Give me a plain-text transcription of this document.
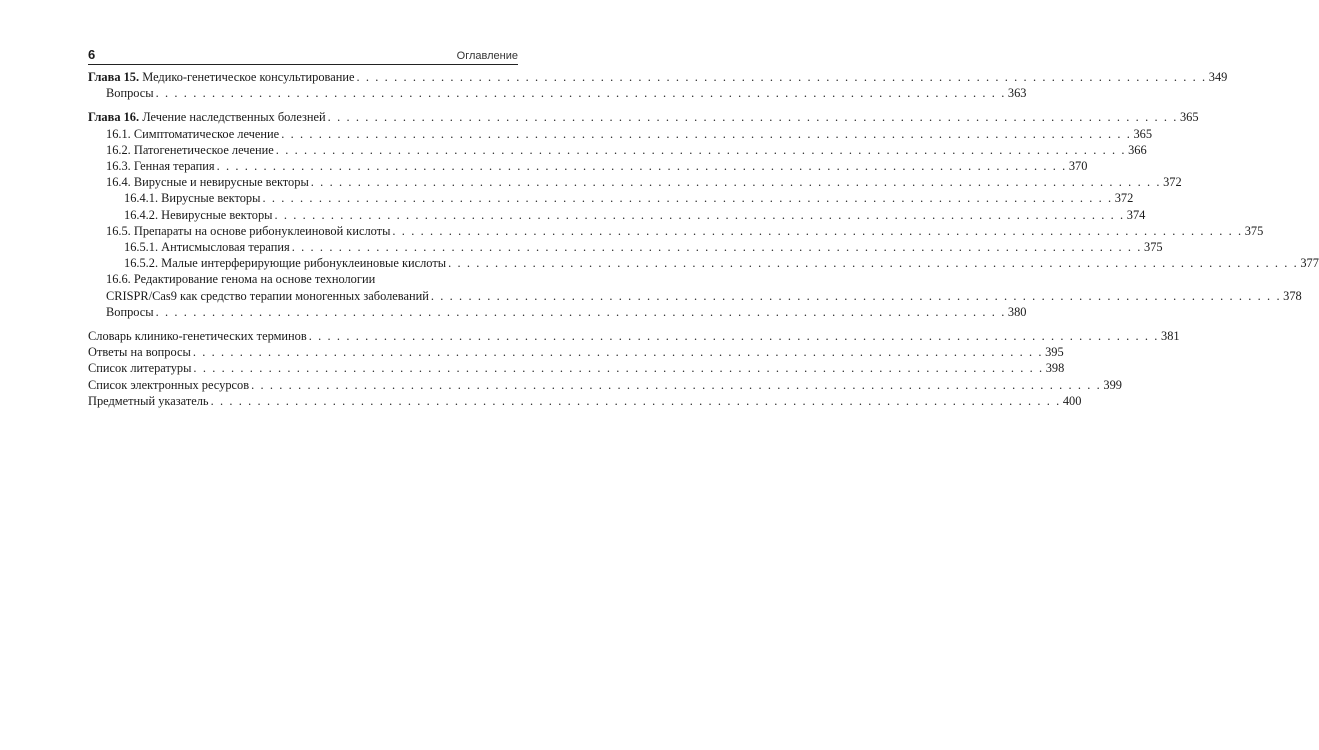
6	Оглавление
Глава 15. Медико-генетическое консультирование . . . . . . . . . . . . . . . . . . . . . . . . . . . . . . . . . . . . . . . . . . . . . . . . . . . . . . . . . . . . . . . . . . . . . . . . . . . . . . . . . . . . . . . . . . . 349
Вопросы . . . . . . . . . . . . . . . . . . . . . . . . . . . . . . . . . . . . . . . . . . . . . . . . . . . . . . . . . . . . . . . . . . . . . . . . . . . . . . . . . . . . . . . . . . . 363
Глава 16. Лечение наследственных болезней . . . . . . . . . . . . . . . . . . . . . . . . . . . . . . . . . . . . . . . . . . . . . . . . . . . . . . . . . . . . . . . . . . . . . . . . . . . . . . . . . . . . . . . . . . . 365
16.1. Симптоматическое лечение . . . . . . . . . . . . . . . . . . . . . . . . . . . . . . . . . . . . . . . . . . . . . . . . . . . . . . . . . . . . . . . . . . . . . . . . . . . . . . . . . . . . . . . . . . . 365
16.2. Патогенетическое лечение . . . . . . . . . . . . . . . . . . . . . . . . . . . . . . . . . . . . . . . . . . . . . . . . . . . . . . . . . . . . . . . . . . . . . . . . . . . . . . . . . . . . . . . . . . . 366
16.3. Генная терапия . . . . . . . . . . . . . . . . . . . . . . . . . . . . . . . . . . . . . . . . . . . . . . . . . . . . . . . . . . . . . . . . . . . . . . . . . . . . . . . . . . . . . . . . . . . 370
16.4. Вирусные и невирусные векторы . . . . . . . . . . . . . . . . . . . . . . . . . . . . . . . . . . . . . . . . . . . . . . . . . . . . . . . . . . . . . . . . . . . . . . . . . . . . . . . . . . . . . . . . . . . 372
16.4.1. Вирусные векторы . . . . . . . . . . . . . . . . . . . . . . . . . . . . . . . . . . . . . . . . . . . . . . . . . . . . . . . . . . . . . . . . . . . . . . . . . . . . . . . . . . . . . . . . . . . 372
16.4.2. Невирусные векторы . . . . . . . . . . . . . . . . . . . . . . . . . . . . . . . . . . . . . . . . . . . . . . . . . . . . . . . . . . . . . . . . . . . . . . . . . . . . . . . . . . . . . . . . . . . 374
16.5. Препараты на основе рибонуклеиновой кислоты . . . . . . . . . . . . . . . . . . . . . . . . . . . . . . . . . . . . . . . . . . . . . . . . . . . . . . . . . . . . . . . . . . . . . . . . . . . . . . . . . . . . . . . . . . . 375
16.5.1. Антисмысловая терапия . . . . . . . . . . . . . . . . . . . . . . . . . . . . . . . . . . . . . . . . . . . . . . . . . . . . . . . . . . . . . . . . . . . . . . . . . . . . . . . . . . . . . . . . . . . 375
16.5.2. Малые интерферирующие рибонуклеиновые кислоты . . . . . . . . . . . . . . . . . . . . . . . . . . . . . . . . . . . . . . . . . . . . . . . . . . . . . . . . . . . . . . . . . . . . . . . . . . . . . . . . . . . . . . . . . . . 377
16.6. Редактирование генома на основе технологии
CRISPR/Cas9 как средство терапии моногенных заболеваний . . . . . . . . . . . . . . . . . . . . . . . . . . . . . . . . . . . . . . . . . . . . . . . . . . . . . . . . . . . . . . . . . . . . . . . . . . . . . . . . . . . . . . . . . . . 378
Вопросы . . . . . . . . . . . . . . . . . . . . . . . . . . . . . . . . . . . . . . . . . . . . . . . . . . . . . . . . . . . . . . . . . . . . . . . . . . . . . . . . . . . . . . . . . . . 380
Словарь клинико-генетических терминов . . . . . . . . . . . . . . . . . . . . . . . . . . . . . . . . . . . . . . . . . . . . . . . . . . . . . . . . . . . . . . . . . . . . . . . . . . . . . . . . . . . . . . . . . . . 381
Ответы на вопросы . . . . . . . . . . . . . . . . . . . . . . . . . . . . . . . . . . . . . . . . . . . . . . . . . . . . . . . . . . . . . . . . . . . . . . . . . . . . . . . . . . . . . . . . . . . 395
Список литературы . . . . . . . . . . . . . . . . . . . . . . . . . . . . . . . . . . . . . . . . . . . . . . . . . . . . . . . . . . . . . . . . . . . . . . . . . . . . . . . . . . . . . . . . . . . 398
Список электронных ресурсов . . . . . . . . . . . . . . . . . . . . . . . . . . . . . . . . . . . . . . . . . . . . . . . . . . . . . . . . . . . . . . . . . . . . . . . . . . . . . . . . . . . . . . . . . . . 399
Предметный указатель . . . . . . . . . . . . . . . . . . . . . . . . . . . . . . . . . . . . . . . . . . . . . . . . . . . . . . . . . . . . . . . . . . . . . . . . . . . . . . . . . . . . . . . . . . . 400
